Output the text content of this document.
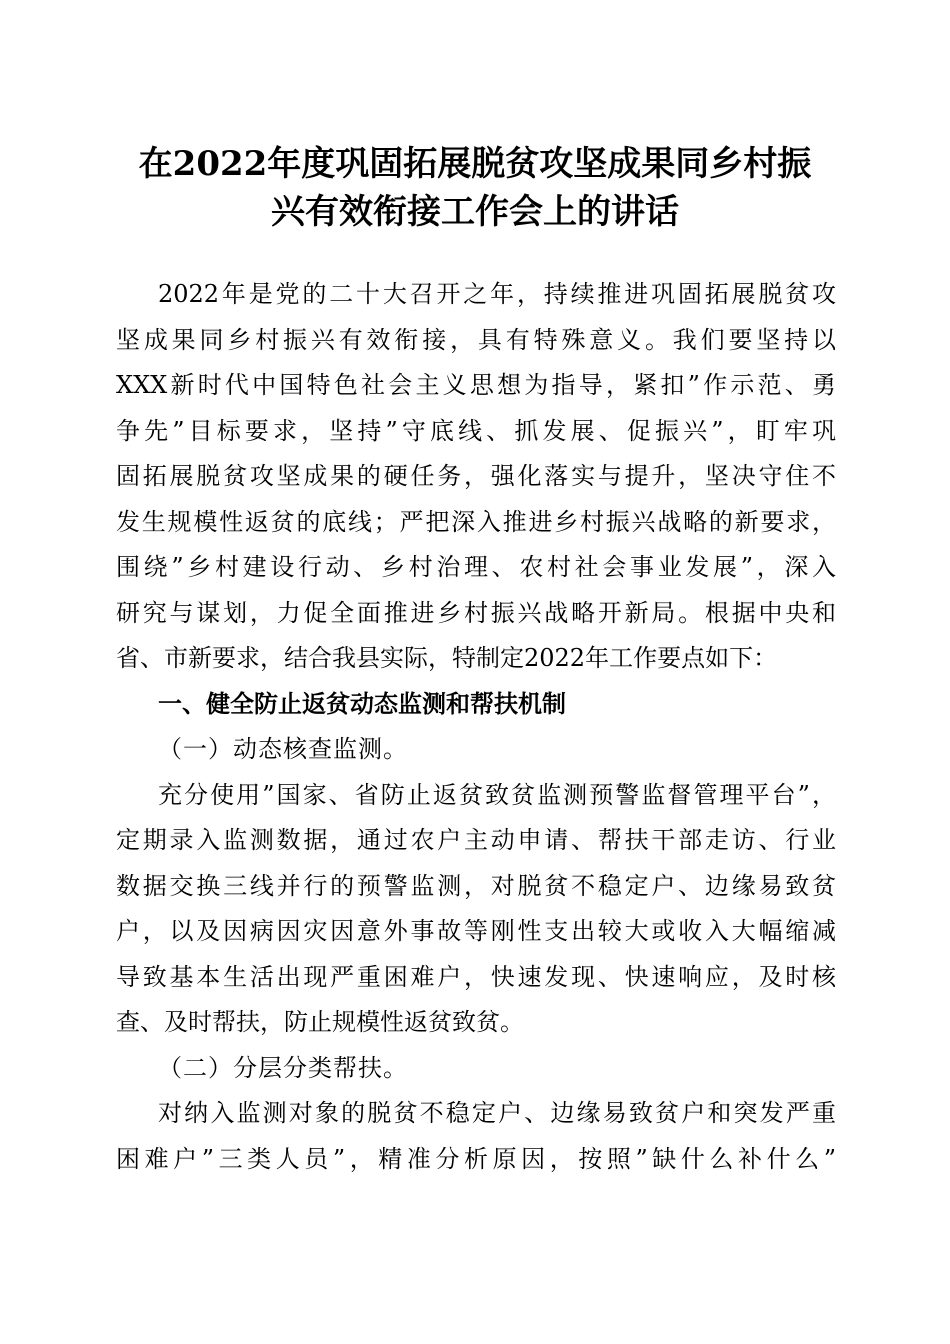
在2022年度巩固拓展脱贫攻坚成果同乡村振
兴有效衔接工作会上的讲话
2022年是党的二十大召开之年，持续推进巩固拓展脱贫攻
坚成果同乡村振兴有效衔接，具有特殊意义。我们要坚持以
XXX新时代中国特色社会主义思想为指导，紧扣”作示范、勇
争先”目标要求，坚持”守底线、抓发展、促振兴”，盯牢巩
固拓展脱贫攻坚成果的硬任务，强化落实与提升，坚决守住不
发生规模性返贫的底线；严把深入推进乡村振兴战略的新要求，
围绕”乡村建设行动、乡村治理、农村社会事业发展”，深入
研究与谋划，力促全面推进乡村振兴战略开新局。根据中央和
省、市新要求，结合我县实际，特制定2022年工作要点如下：
一、健全防止返贫动态监测和帮扶机制
（一）动态核查监测。
充分使用”国家、省防止返贫致贫监测预警监督管理平台”，
定期录入监测数据，通过农户主动申请、帮扶干部走访、行业
数据交换三线并行的预警监测，对脱贫不稳定户、边缘易致贫
户，以及因病因灾因意外事故等刚性支出较大或收入大幅缩减
导致基本生活出现严重困难户，快速发现、快速响应，及时核
查、及时帮扶，防止规模性返贫致贫。
（二）分层分类帮扶。
对纳入监测对象的脱贫不稳定户、边缘易致贫户和突发严重
困难户”三类人员”，精准分析原因，按照”缺什么补什么”
